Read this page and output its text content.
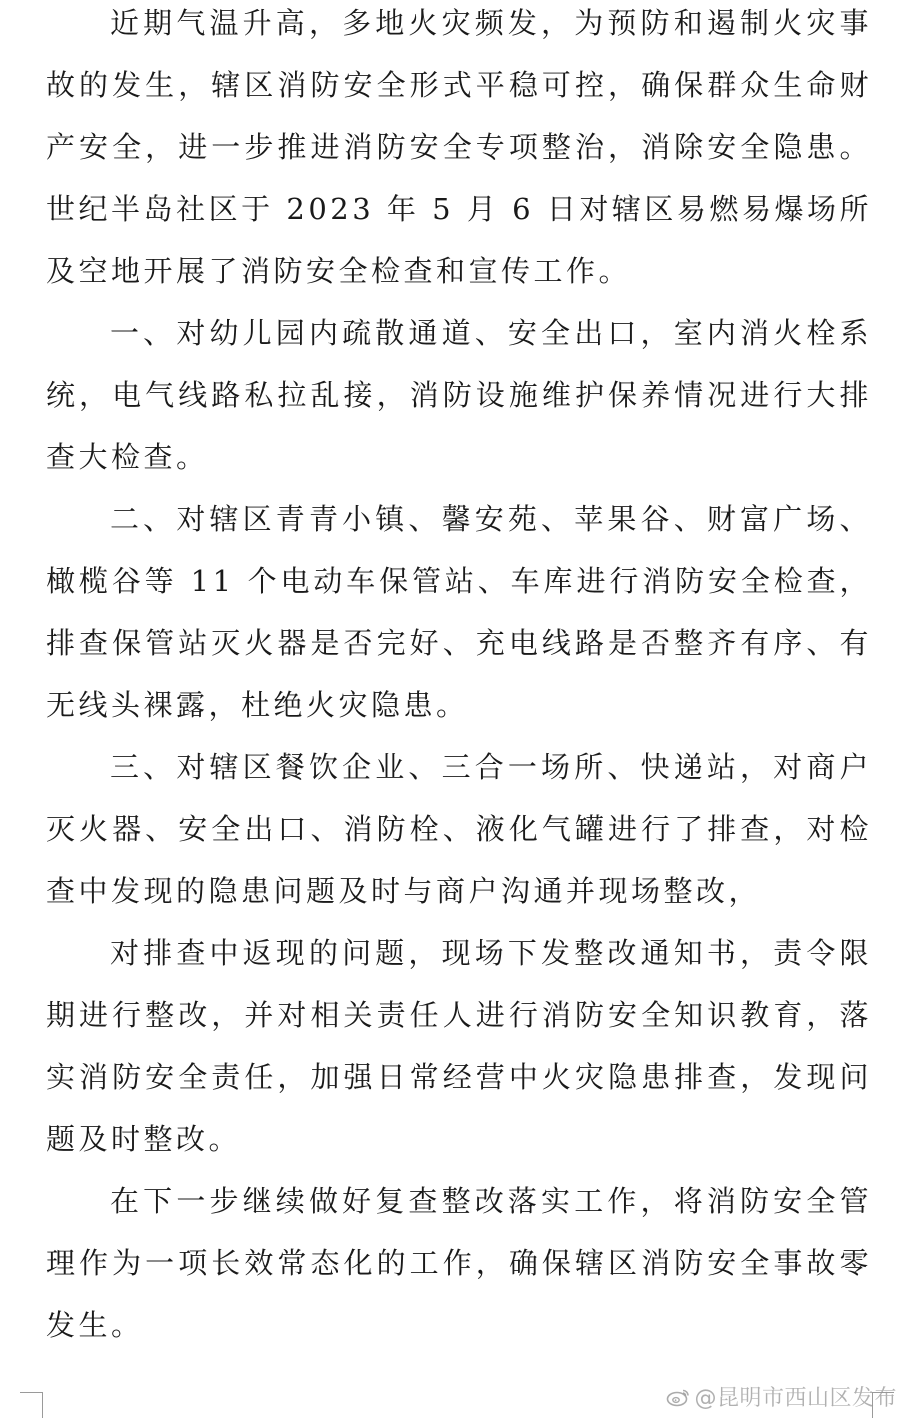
近期气温升高，多地火灾频发，为预防和遏制火灾事故的发生，辖区消防安全形式平稳可控，确保群众生命财产安全，进一步推进消防安全专项整治，消除安全隐患。世纪半岛社区于 2023 年 5 月 6 日对辖区易燃易爆场所及空地开展了消防安全检查和宣传工作。

一、对幼儿园内疏散通道、安全出口，室内消火栓系统，电气线路私拉乱接，消防设施维护保养情况进行大排查大检查。

二、对辖区青青小镇、馨安苑、苹果谷、财富广场、橄榄谷等 11 个电动车保管站、车库进行消防安全检查，排查保管站灭火器是否完好、充电线路是否整齐有序、有无线头裸露，杜绝火灾隐患。

三、对辖区餐饮企业、三合一场所、快递站，对商户灭火器、安全出口、消防栓、液化气罐进行了排查，对检查中发现的隐患问题及时与商户沟通并现场整改，

对排查中返现的问题，现场下发整改通知书，责令限期进行整改，并对相关责任人进行消防安全知识教育，落实消防安全责任，加强日常经营中火灾隐患排查，发现问题及时整改。

在下一步继续做好复查整改落实工作，将消防安全管理作为一项长效常态化的工作，确保辖区消防安全事故零发生。

@昆明市西山区发布
